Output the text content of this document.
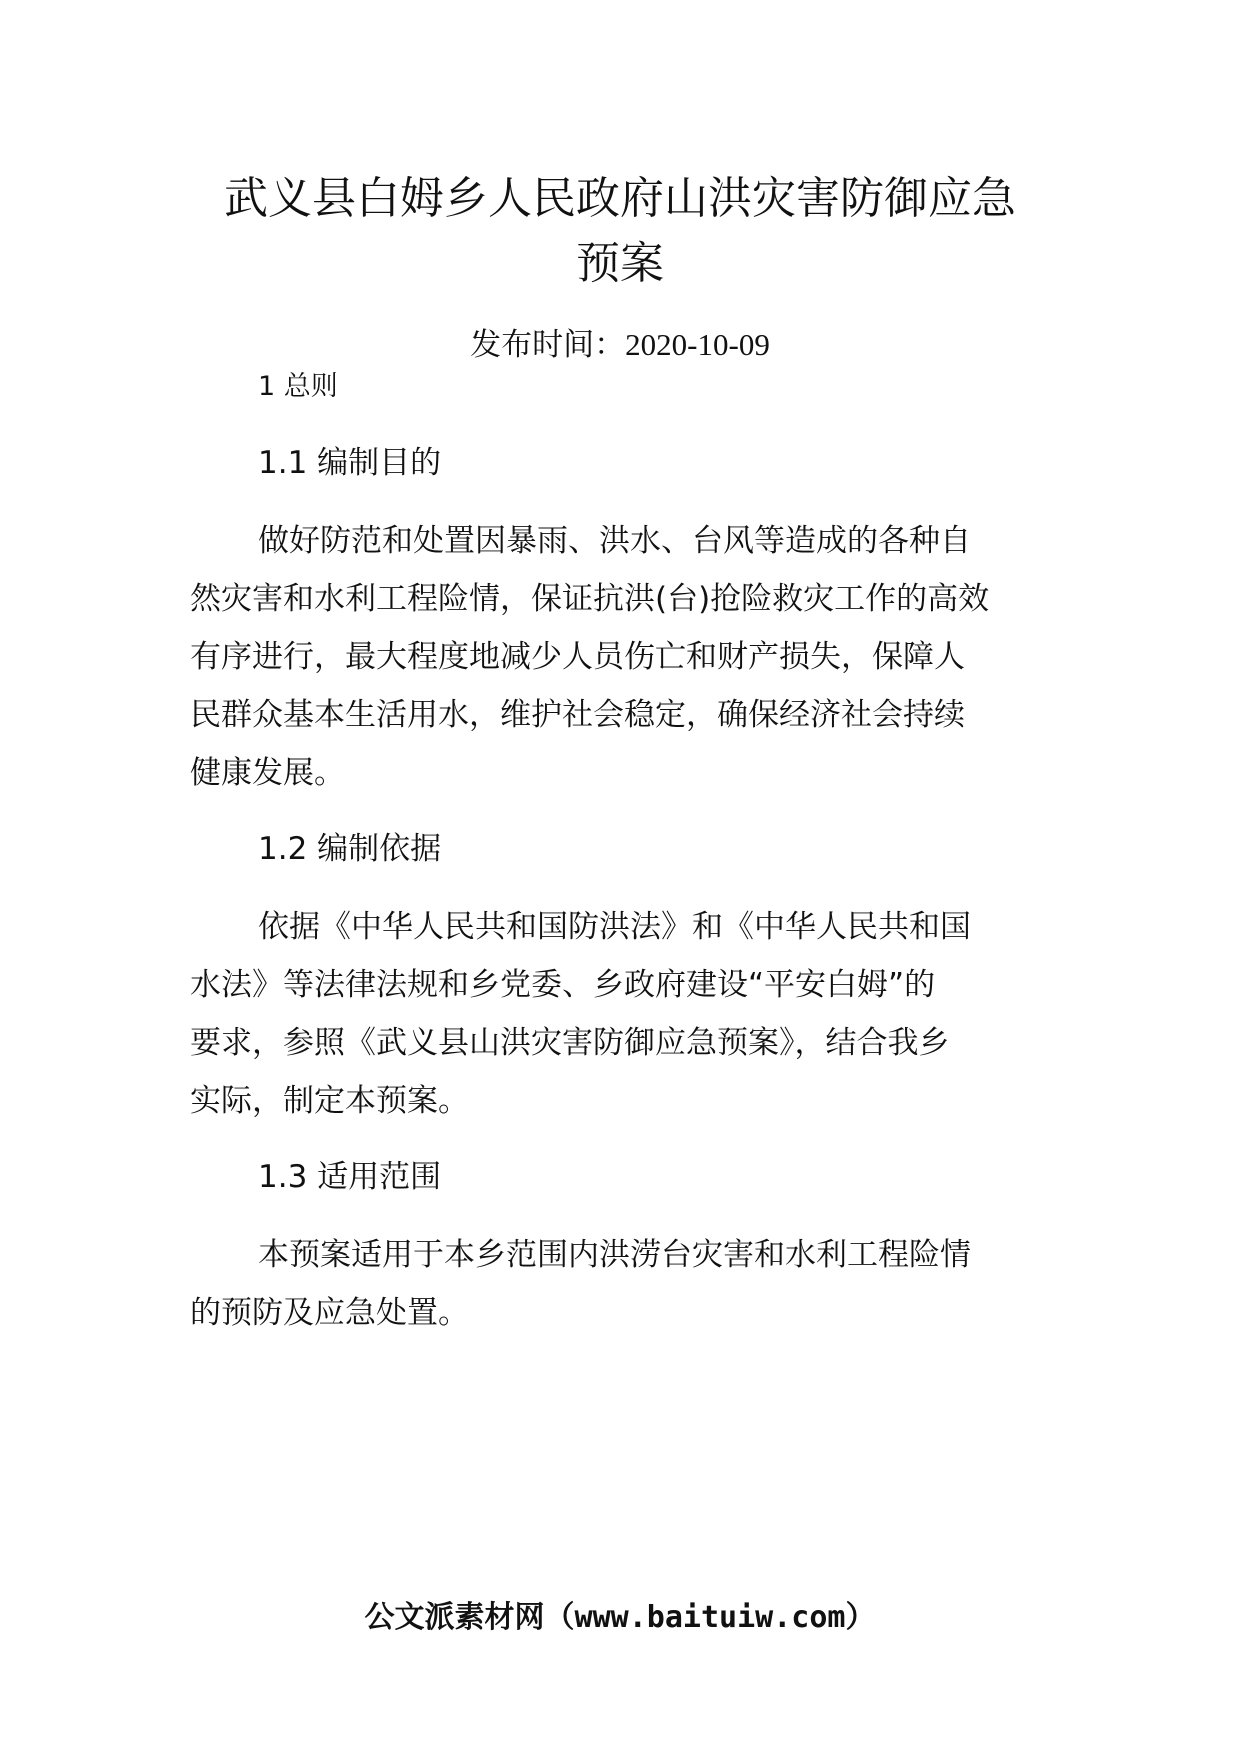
武义县白姆乡人民政府山洪灾害防御应急
预案
发布时间：2020-10-09
1 总则
1.1 编制目的
做好防范和处置因暴雨、洪水、台风等造成的各种自
然灾害和水利工程险情，保证抗洪(台)抢险救灾工作的高效
有序进行，最大程度地减少人员伤亡和财产损失，保障人
民群众基本生活用水，维护社会稳定，确保经济社会持续
健康发展。
1.2 编制依据
依据《中华人民共和国防洪法》和《中华人民共和国
水法》等法律法规和乡党委、乡政府建设“平安白姆”的
要求，参照《武义县山洪灾害防御应急预案》，结合我乡
实际，制定本预案。
1.3 适用范围
本预案适用于本乡范围内洪涝台灾害和水利工程险情
的预防及应急处置。
公文派素材网（www.baituiw.com）
